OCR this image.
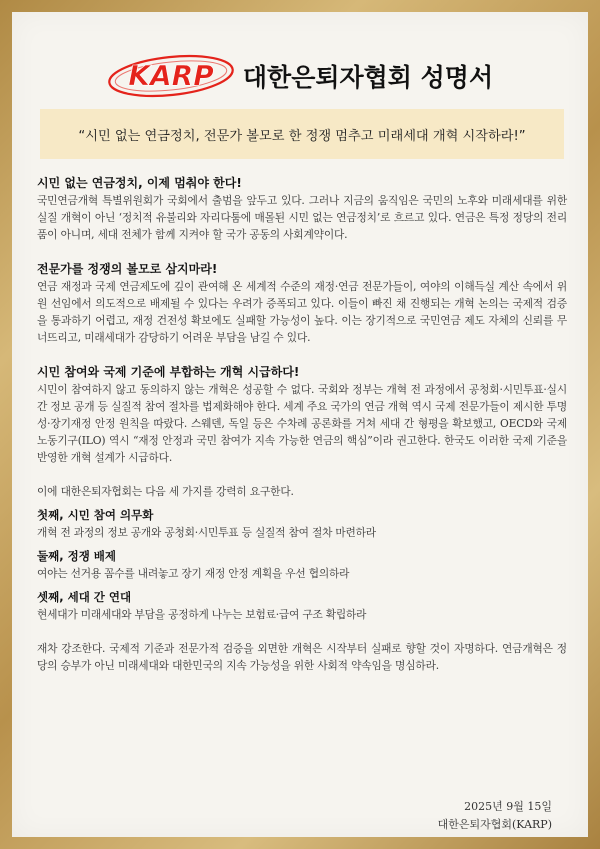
KARP 대한은퇴자협회 성명서
“시민 없는 연금정치, 전문가 볼모로 한 정쟁 멈추고 미래세대 개혁 시작하라!”

시민 없는 연금정치, 이제 멈춰야 한다!

국민연금개혁 특별위원회가 국회에서 출범을 앞두고 있다. 그러나 지금의 움직임은 국민의 노후와 미래세대를 위한 실질 개혁이 아닌 ‘정치적 유불리와 자리다툼에 매몰된 시민 없는 연금정치’로 흐르고 있다. 연금은 특정 정당의 전리품이 아니며, 세대 전체가 함께 지켜야 할 국가 공동의 사회계약이다.

전문가를 정쟁의 볼모로 삼지마라!

연금 재정과 국제 연금제도에 깊이 관여해 온 세계적 수준의 재정·연금 전문가들이, 여야의 이해득실 계산 속에서 위원 선임에서 의도적으로 배제될 수 있다는 우려가 증폭되고 있다. 이들이 빠진 채 진행되는 개혁 논의는 국제적 검증을 통과하기 어렵고, 재정 건전성 확보에도 실패할 가능성이 높다. 이는 장기적으로 국민연금 제도 자체의 신뢰를 무너뜨리고, 미래세대가 감당하기 어려운 부담을 남길 수 있다.

시민 참여와 국제 기준에 부합하는 개혁 시급하다!

시민이 참여하지 않고 동의하지 않는 개혁은 성공할 수 없다. 국회와 정부는 개혁 전 과정에서 공청회·시민투표·실시간 정보 공개 등 실질적 참여 절차를 법제화해야 한다. 세계 주요 국가의 연금 개혁 역시 국제 전문가들이 제시한 투명성·장기재정 안정 원칙을 따랐다. 스웨덴, 독일 등은 수차례 공론화를 거쳐 세대 간 형평을 확보했고, OECD와 국제노동기구(ILO) 역시 “재정 안정과 국민 참여가 지속 가능한 연금의 핵심”이라 권고한다. 한국도 이러한 국제 기준을 반영한 개혁 설계가 시급하다.

이에 대한은퇴자협회는 다음 세 가지를 강력히 요구한다.

첫째, 시민 참여 의무화

개혁 전 과정의 정보 공개와 공청회·시민투표 등 실질적 참여 절차 마련하라

둘째, 정쟁 배제

여야는 선거용 꼼수를 내려놓고 장기 재정 안정 계획을 우선 협의하라

셋째, 세대 간 연대

현세대가 미래세대와 부담을 공정하게 나누는 보험료·급여 구조 확립하라

재차 강조한다. 국제적 기준과 전문가적 검증을 외면한 개혁은 시작부터 실패로 향할 것이 자명하다. 연금개혁은 정당의 승부가 아닌 미래세대와 대한민국의 지속 가능성을 위한 사회적 약속임을 명심하라.

2025년 9월 15일
대한은퇴자협회(KARP)
